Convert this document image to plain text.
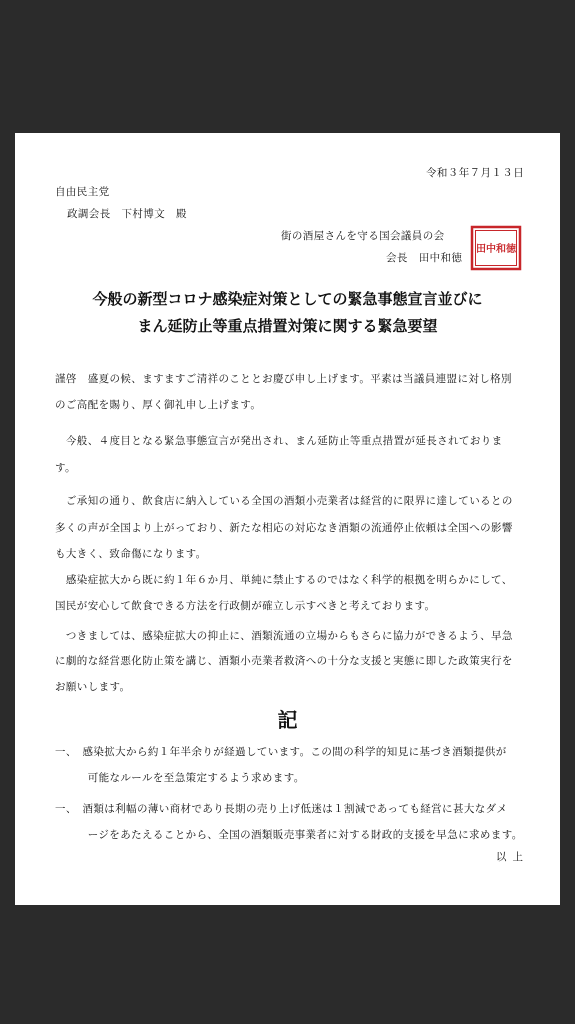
令和３年７月１３日
自由民主党
政調会長　下村博文　殿
街の酒屋さんを守る国会議員の会
会長　田中和徳
田中和徳
今般の新型コロナ感染症対策としての緊急事態宣言並びに
まん延防止等重点措置対策に関する緊急要望
謹啓　盛夏の候、ますますご清祥のこととお慶び申し上げます。平素は当議員連盟に対し格別
のご高配を賜り、厚く御礼申し上げます。
　今般、４度目となる緊急事態宣言が発出され、まん延防止等重点措置が延長されておりま
す。
　ご承知の通り、飲食店に納入している全国の酒類小売業者は経営的に限界に達しているとの
多くの声が全国より上がっており、新たな相応の対応なき酒類の流通停止依頼は全国への影響
も大きく、致命傷になります。
　感染症拡大から既に約１年６か月、単純に禁止するのではなく科学的根拠を明らかにして、
国民が安心して飲食できる方法を行政側が確立し示すべきと考えております。
　つきましては、感染症拡大の抑止に、酒類流通の立場からもさらに協力ができるよう、早急
に劇的な経営悪化防止策を講じ、酒類小売業者救済への十分な支援と実態に即した政策実行を
お願いします。
記
一、　感染拡大から約１年半余りが経過しています。この間の科学的知見に基づき酒類提供が
　　　可能なルールを至急策定するよう求めます。
一、　酒類は利幅の薄い商材であり長期の売り上げ低迷は１割減であっても経営に甚大なダメ
　　　ージをあたえることから、全国の酒類販売事業者に対する財政的支援を早急に求めます。
以上
